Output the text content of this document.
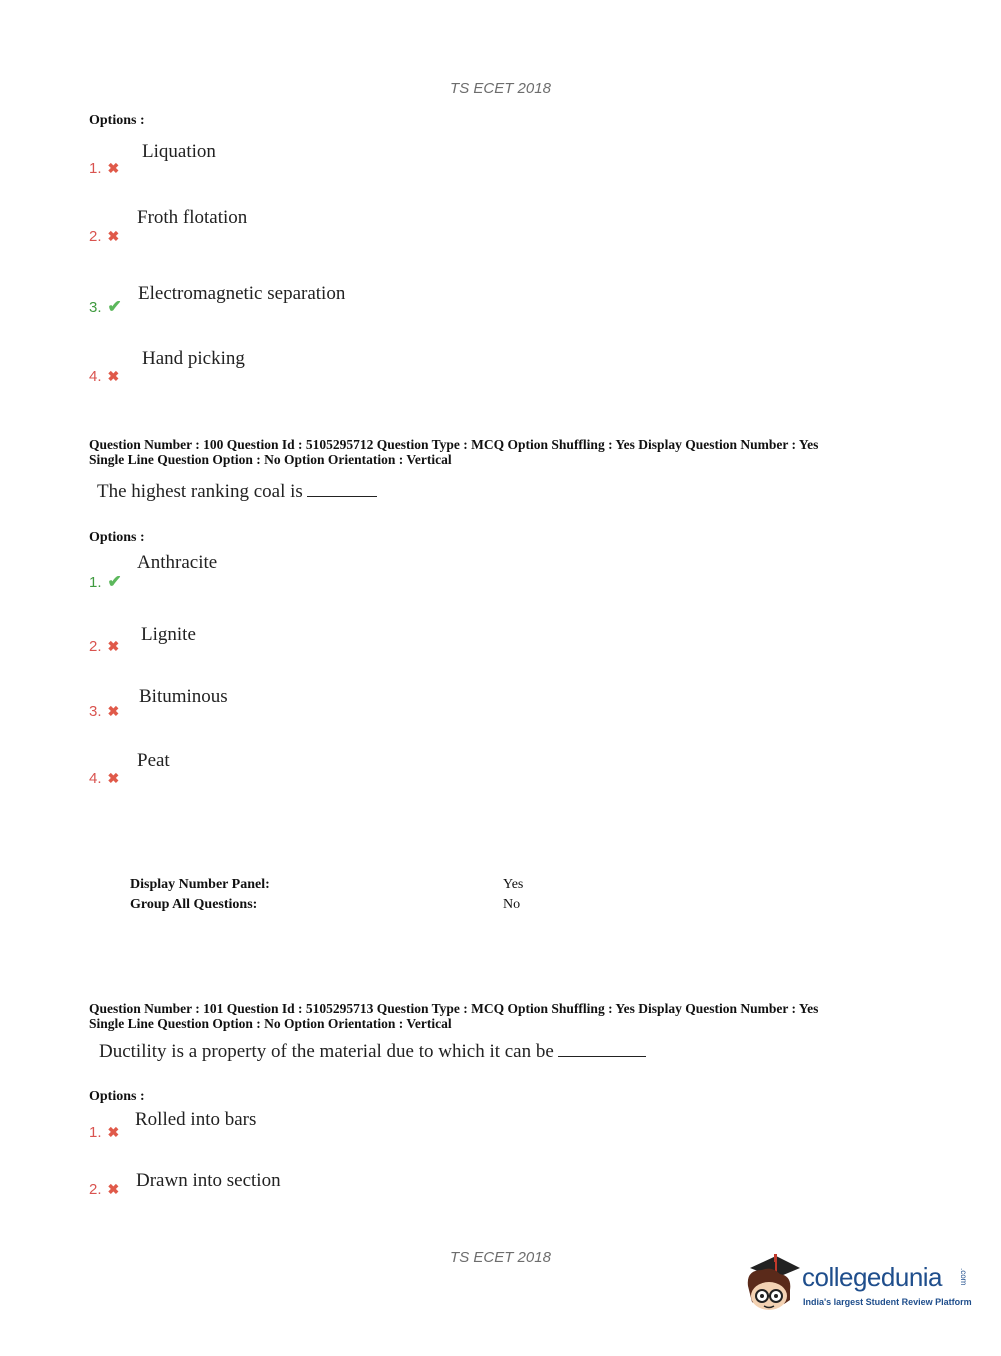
TS ECET 2018
Options :
1. ✖
Liquation
2. ✖
Froth flotation
3. ✔
Electromagnetic separation
4. ✖
Hand picking
Question Number : 100 Question Id : 5105295712 Question Type : MCQ Option Shuffling : Yes Display Question Number : Yes
Single Line Question Option : No Option Orientation : Vertical
The highest ranking coal is
Options :
1. ✔
Anthracite
2. ✖
Lignite
3. ✖
Bituminous
4. ✖
Peat
Display Number Panel:	Yes
Group All Questions:	No
Question Number : 101 Question Id : 5105295713 Question Type : MCQ Option Shuffling : Yes Display Question Number : Yes
Single Line Question Option : No Option Orientation : Vertical
Ductility is a property of the material due to which it can be
Options :
1. ✖
Rolled into bars
2. ✖ Drawn into section
TS ECET 2018
collegedunia .com
India's largest Student Review Platform
